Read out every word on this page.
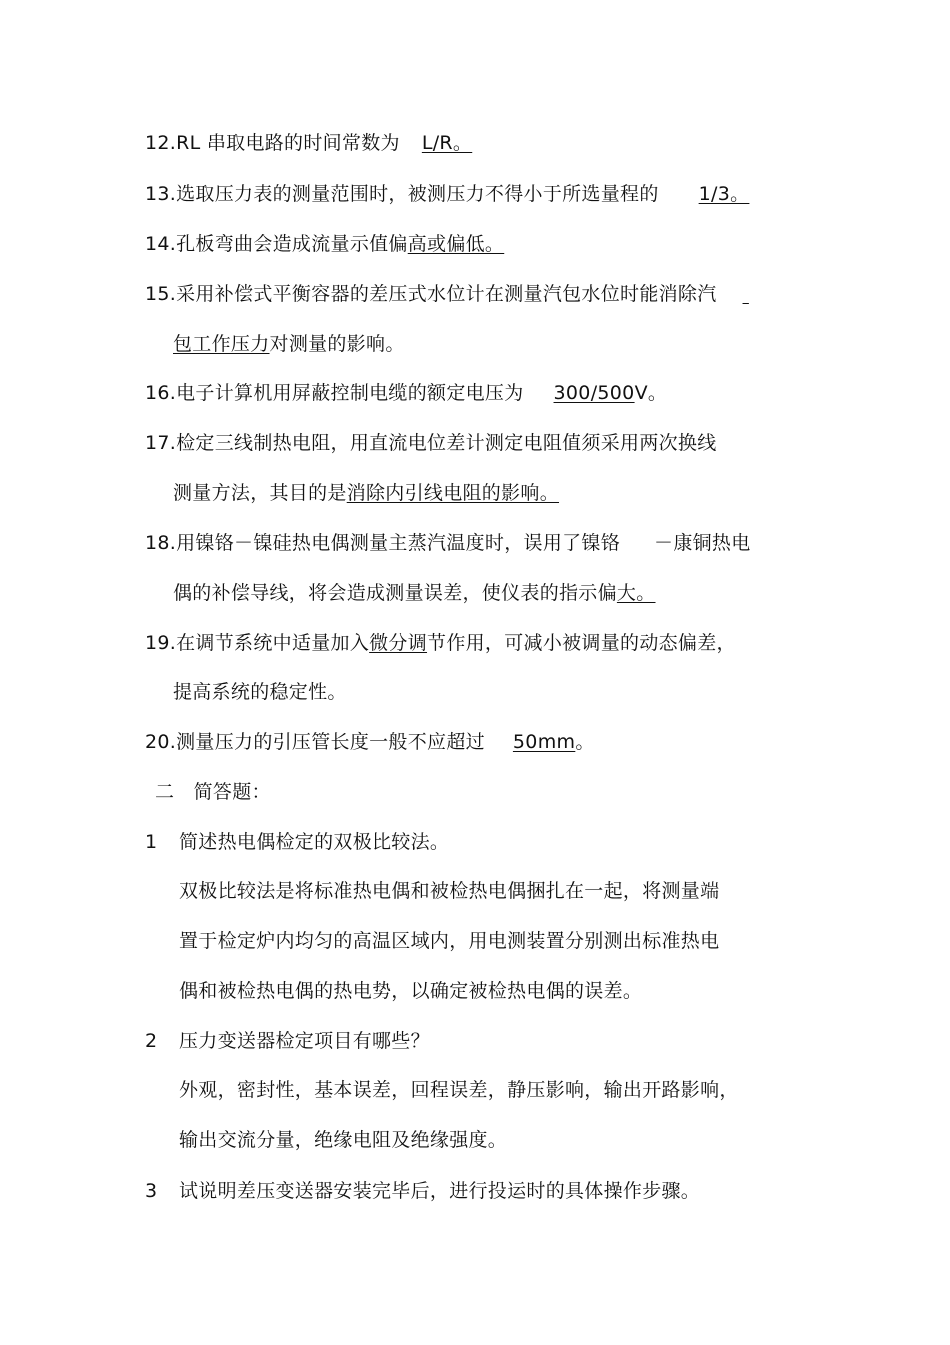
12.RL 串取电路的时间常数为 L/R。
13.选取压力表的测量范围时，被测压力不得小于所选量程的 1/3。
14.孔板弯曲会造成流量示值偏高或偏低。
15.采用补偿式平衡容器的差压式水位计在测量汽包水位时能消除汽
包工作压力对测量的影响。
16.电子计算机用屏蔽控制电缆的额定电压为 300/500V。
17.检定三线制热电阻，用直流电位差计测定电阻值须采用两次换线
测量方法，其目的是消除内引线电阻的影响。
18.用镍铬－镍硅热电偶测量主蒸汽温度时，误用了镍铬 －康铜热电
偶的补偿导线，将会造成测量误差，使仪表的指示偏大。
19.在调节系统中适量加入微分调节作用，可减小被调量的动态偏差，
提高系统的稳定性。
20.测量压力的引压管长度一般不应超过 50mm。
二　简答题：
1 简述热电偶检定的双极比较法。
双极比较法是将标准热电偶和被检热电偶捆扎在一起，将测量端
置于检定炉内均匀的高温区域内，用电测装置分别测出标准热电
偶和被检热电偶的热电势，以确定被检热电偶的误差。
2 压力变送器检定项目有哪些？
外观，密封性，基本误差，回程误差，静压影响，输出开路影响，
输出交流分量，绝缘电阻及绝缘强度。
3 试说明差压变送器安装完毕后，进行投运时的具体操作步骤。
